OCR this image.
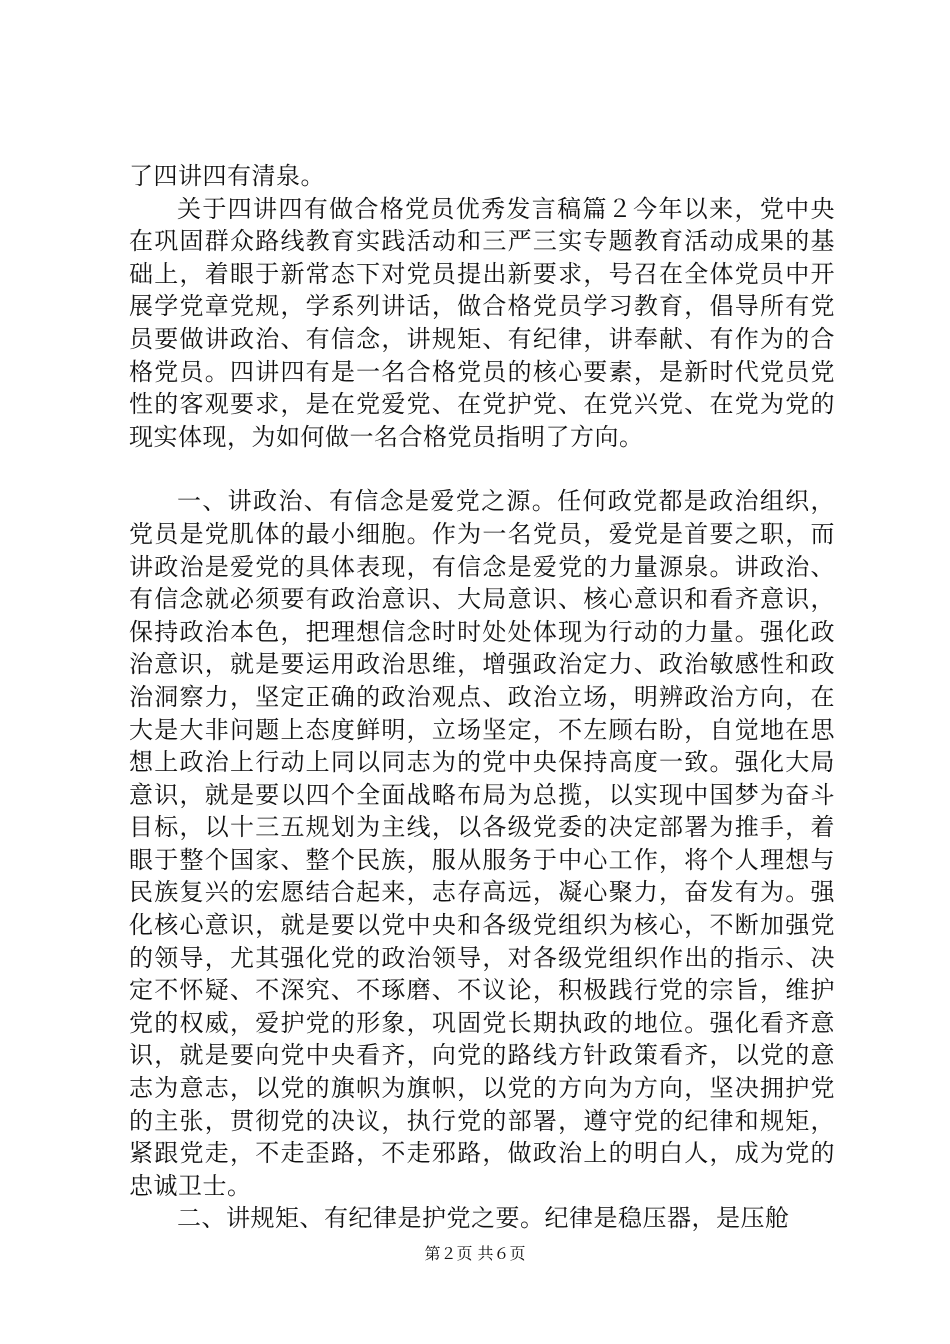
了四讲四有清泉。

关于四讲四有做合格党员优秀发言稿篇２今年以来，党中央在巩固群众路线教育实践活动和三严三实专题教育活动成果的基础上，着眼于新常态下对党员提出新要求，号召在全体党员中开展学党章党规，学系列讲话，做合格党员学习教育，倡导所有党员要做讲政治、有信念，讲规矩、有纪律，讲奉献、有作为的合格党员。四讲四有是一名合格党员的核心要素，是新时代党员党性的客观要求，是在党爱党、在党护党、在党兴党、在党为党的现实体现，为如何做一名合格党员指明了方向。

一、讲政治、有信念是爱党之源。任何政党都是政治组织，党员是党肌体的最小细胞。作为一名党员，爱党是首要之职，而讲政治是爱党的具体表现，有信念是爱党的力量源泉。讲政治、有信念就必须要有政治意识、大局意识、核心意识和看齐意识，保持政治本色，把理想信念时时处处体现为行动的力量。强化政治意识，就是要运用政治思维，增强政治定力、政治敏感性和政治洞察力，坚定正确的政治观点、政治立场，明辨政治方向，在大是大非问题上态度鲜明，立场坚定，不左顾右盼，自觉地在思想上政治上行动上同以同志为的党中央保持高度一致。强化大局意识，就是要以四个全面战略布局为总揽，以实现中国梦为奋斗目标，以十三五规划为主线，以各级党委的决定部署为推手，着眼于整个国家、整个民族，服从服务于中心工作，将个人理想与民族复兴的宏愿结合起来，志存高远，凝心聚力，奋发有为。强化核心意识，就是要以党中央和各级党组织为核心，不断加强党的领导，尤其强化党的政治领导，对各级党组织作出的指示、决定不怀疑、不深究、不琢磨、不议论，积极践行党的宗旨，维护党的权威，爱护党的形象，巩固党长期执政的地位。强化看齐意识，就是要向党中央看齐，向党的路线方针政策看齐，以党的意志为意志，以党的旗帜为旗帜，以党的方向为方向，坚决拥护党的主张，贯彻党的决议，执行党的部署，遵守党的纪律和规矩，紧跟党走，不走歪路，不走邪路，做政治上的明白人，成为党的忠诚卫士。

二、讲规矩、有纪律是护党之要。纪律是稳压器，是压舱

第２页 共６页
